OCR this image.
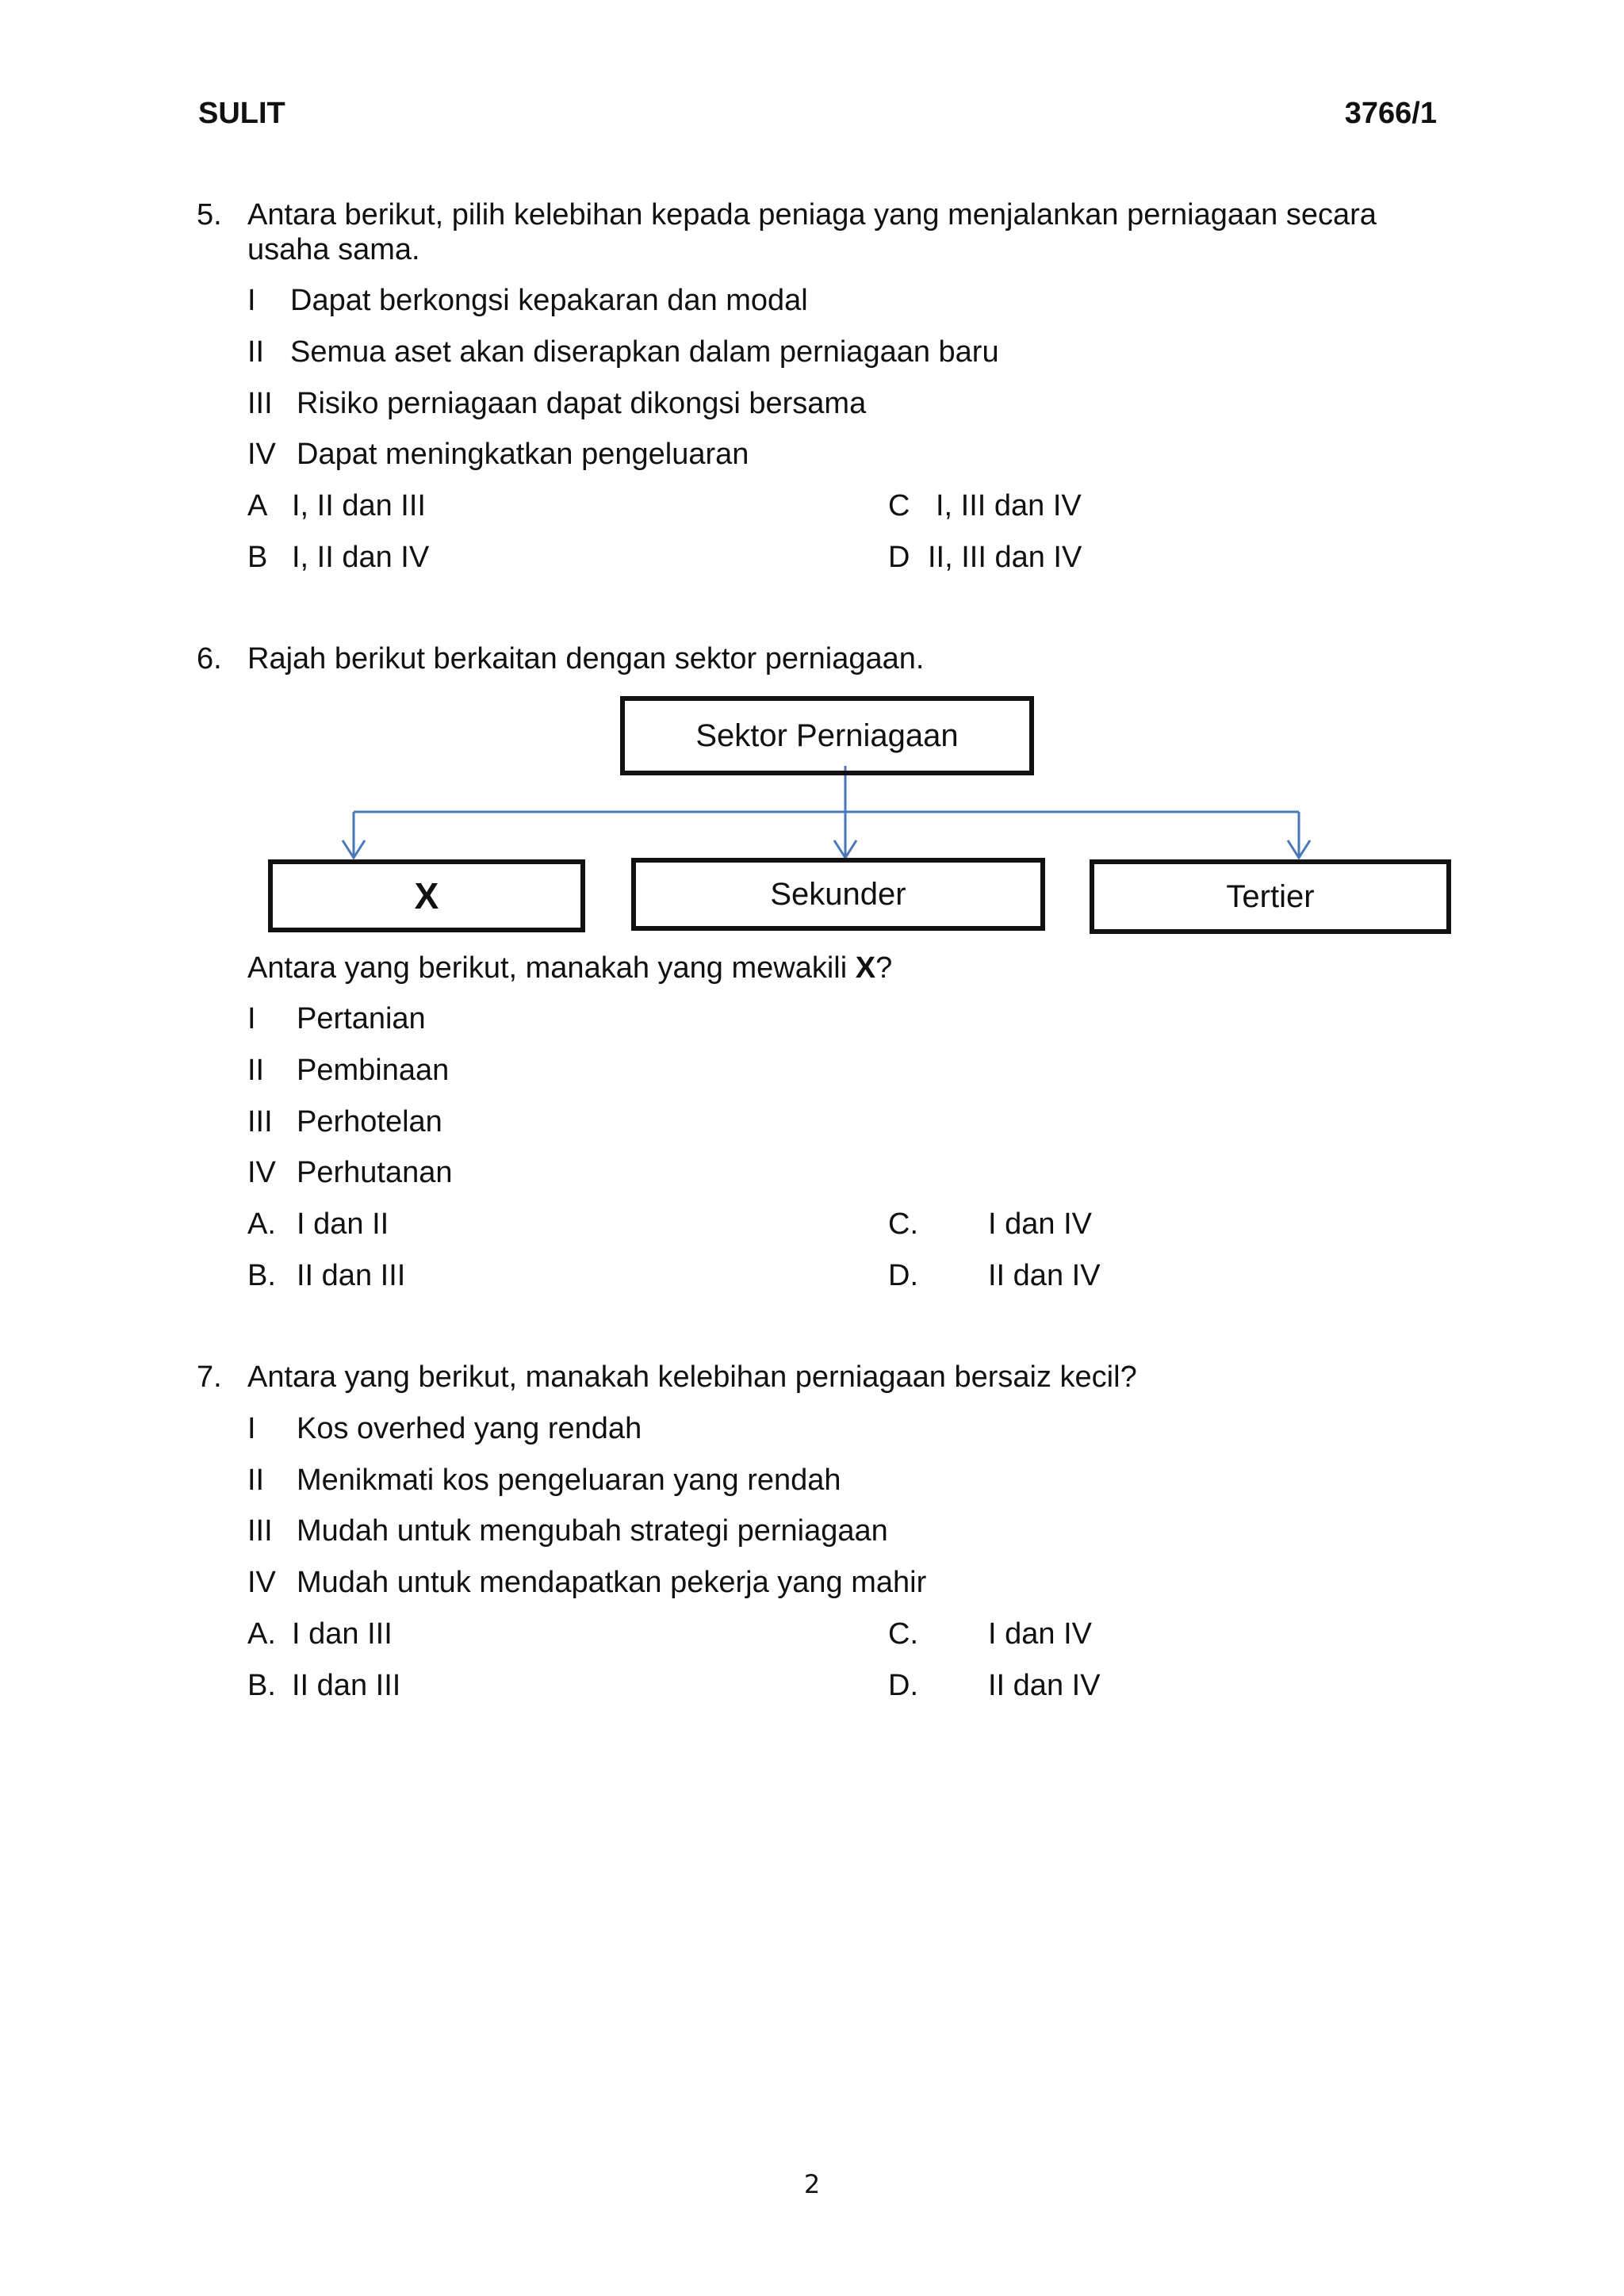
SULIT	3766/1
5. Antara berikut, pilih kelebihan kepada peniaga yang menjalankan perniagaan secara
usaha sama.
I Dapat berkongsi kepakaran dan modal
II Semua aset akan diserapkan dalam perniagaan baru
III Risiko perniagaan dapat dikongsi bersama
IV Dapat meningkatkan pengeluaran
A I, II dan III
B I, II dan IV
C I, III dan IV
D II, III dan IV
6. Rajah berikut berkaitan dengan sektor perniagaan.
Sektor Perniagaan
X	Sekunder	Tertier
Antara yang berikut, manakah yang mewakili X?
I Pertanian
II Pembinaan
III Perhotelan
IV Perhutanan
A. I dan II
B. II dan III
C. I dan IV
D. II dan IV
7. Antara yang berikut, manakah kelebihan perniagaan bersaiz kecil?
I Kos overhed yang rendah
II Menikmati kos pengeluaran yang rendah
III Mudah untuk mengubah strategi perniagaan
IV Mudah untuk mendapatkan pekerja yang mahir
A. I dan III
B. II dan III
C. I dan IV
D. II dan IV
2
